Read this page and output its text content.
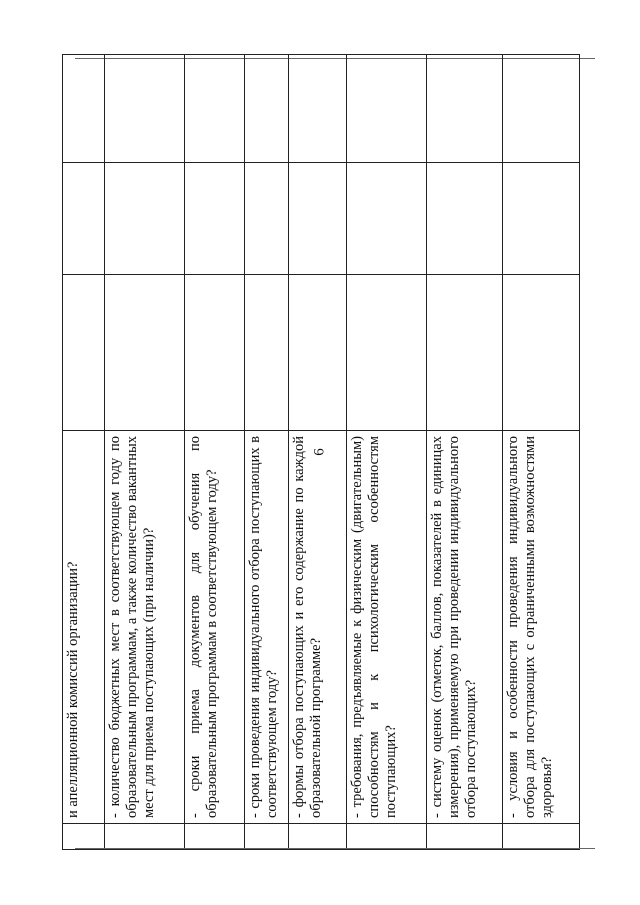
6
	и апелляционной комиссий организации?			
	- количество бюджетных мест в соответствующем году по образовательным программам, а также количество вакантных мест для приема поступающих (при наличии)?			
	- сроки приема документов для обучения по образовательным программам в соответствующем году?			
	- сроки проведения индивидуального отбора поступающих в соответствующем году?			
	- формы отбора поступающих и его содержание по каждой образовательной программе?			
	- требования, предъявляемые к физическим (двигательным) способностям и к психологическим особенностям поступающих?			
	- систему оценок (отметок, баллов, показателей в единицах измерения), применяемую при проведении индивидуального отбора поступающих?			
	- условия и особенности проведения индивидуального отбора для поступающих с ограниченными возможностями здоровья?			
